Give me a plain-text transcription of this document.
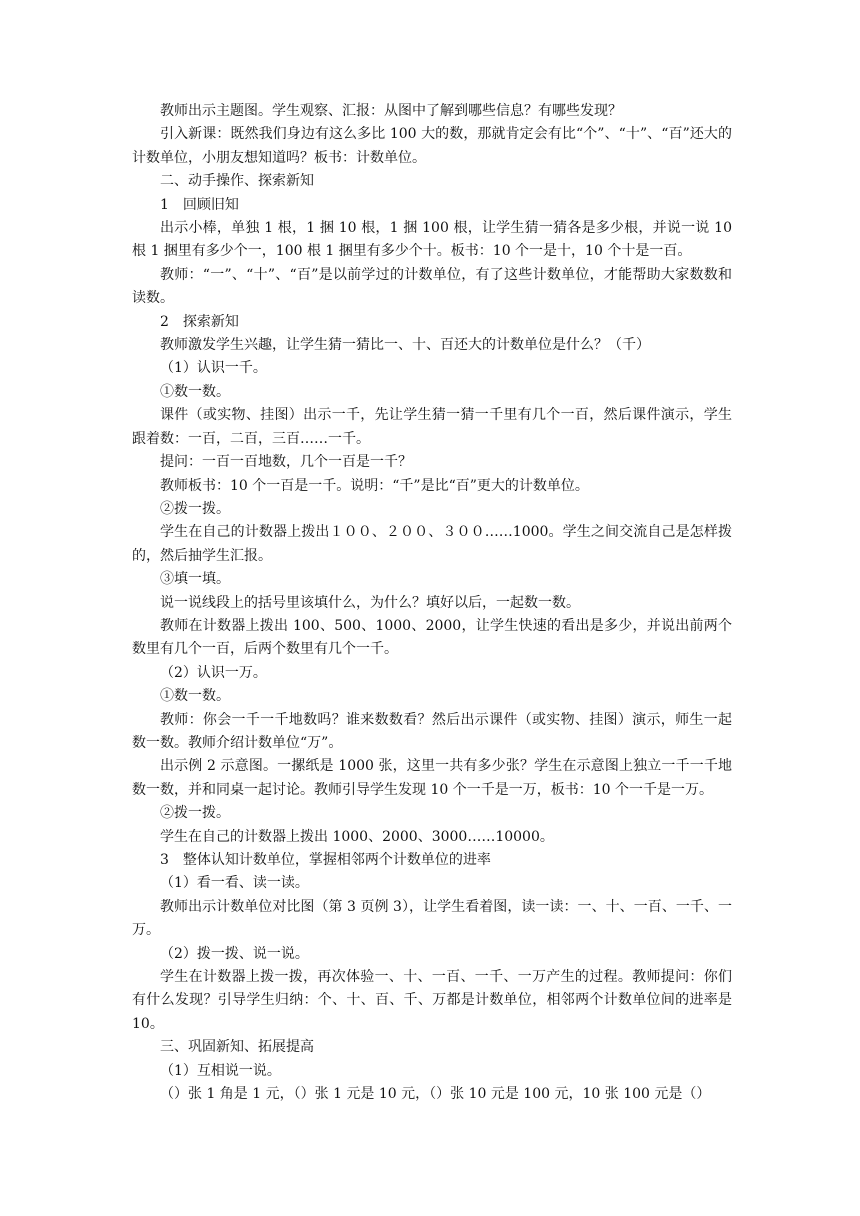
教师出示主题图。学生观察、汇报：从图中了解到哪些信息？有哪些发现？

引入新课：既然我们身边有这么多比 100 大的数，那就肯定会有比“个”、“十”、“百”还大的计数单位，小朋友想知道吗？板书：计数单位。

二、动手操作、探索新知

1　回顾旧知

出示小棒，单独 1 根，1 捆 10 根，1 捆 100 根，让学生猜一猜各是多少根，并说一说 10 根 1 捆里有多少个一，100 根 1 捆里有多少个十。板书：10 个一是十，10 个十是一百。

教师：“一”、“十”、“百”是以前学过的计数单位，有了这些计数单位，才能帮助大家数数和读数。

2　探索新知

教师激发学生兴趣，让学生猜一猜比一、十、百还大的计数单位是什么？（千）

（1）认识一千。

①数一数。

课件（或实物、挂图）出示一千，先让学生猜一猜一千里有几个一百，然后课件演示，学生跟着数：一百，二百，三百……一千。

提问：一百一百地数，几个一百是一千？

教师板书：10 个一百是一千。说明：“千”是比“百”更大的计数单位。

②拨一拨。

学生在自己的计数器上拨出１００、２００、３００……1000。学生之间交流自己是怎样拨的，然后抽学生汇报。

③填一填。

说一说线段上的括号里该填什么，为什么？填好以后，一起数一数。

教师在计数器上拨出 100、500、1000、2000，让学生快速的看出是多少，并说出前两个数里有几个一百，后两个数里有几个一千。

（2）认识一万。

①数一数。

教师：你会一千一千地数吗？谁来数数看？然后出示课件（或实物、挂图）演示，师生一起数一数。教师介绍计数单位“万”。

出示例 2 示意图。一摞纸是 1000 张，这里一共有多少张？学生在示意图上独立一千一千地数一数，并和同桌一起讨论。教师引导学生发现 10 个一千是一万，板书：10 个一千是一万。

②拨一拨。

学生在自己的计数器上拨出 1000、2000、3000……10000。

3　整体认知计数单位，掌握相邻两个计数单位的进率

（1）看一看、读一读。

教师出示计数单位对比图（第 3 页例 3），让学生看着图，读一读：一、十、一百、一千、一万。

（2）拨一拨、说一说。

学生在计数器上拨一拨，再次体验一、十、一百、一千、一万产生的过程。教师提问：你们有什么发现？引导学生归纳：个、十、百、千、万都是计数单位，相邻两个计数单位间的进率是 10。

三、巩固新知、拓展提高

（1）互相说一说。

（）张 1 角是 1 元，（）张 1 元是 10 元，（）张 10 元是 100 元，10 张 100 元是（）
